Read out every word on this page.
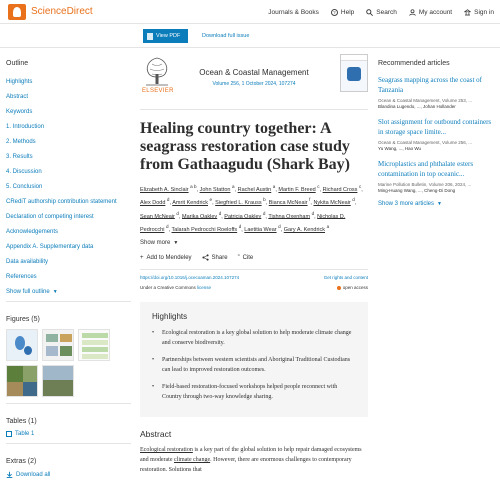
ScienceDirect	Journals & Books	? Help	Search	My account	Sign in
View PDF	Download full issue
Outline
Highlights
Abstract
Keywords
1. Introduction
2. Methods
3. Results
4. Discussion
5. Conclusion
CRediT authorship contribution statement
Declaration of competing interest
Acknowledgements
Appendix A. Supplementary data
Data availability
References
Show full outline ▼
Figures (5)
Tables (1)
Table 1
Extras (2)
Download all
ELSEVIER
Ocean & Coastal Management
Volume 256, 1 October 2024, 107274
Healing country together: A seagrass restoration case study from Gathaagudu (Shark Bay)
Elizabeth A. Sinclair $^{a b}$, John Statton $^a$, Rachel Austin $^a$, Martin F. Breed $^c$, Richard Cross $^c$, Alex Dodd $^d$, Amrit Kendrick $^e$, Siegfried L. Krauss $^b$, Bianca McNeair $^f$, Nykita McNeair $^d$, Sean McNeair $^d$, Marika Oakley $^d$, Patricia Oakley $^d$, Tishna Oxenham $^d$, Nicholas D. Pedrocchi $^d$, Talarah Pedrocchi Roeloffs $^d$, Laetitia Wear $^d$, Gary A. Kendrick $^a$
Show more ▼
+ Add to Mendeley	Share ” Cite
https://doi.org/10.1016/j.ocecoaman.2024.107274	Get rights and content
Under a Creative Commons license	open access
Highlights
•	Ecological restoration is a key global solution to help moderate climate change and conserve biodiversity.
•	Partnerships between western scientists and Aboriginal Traditional Custodians can lead to improved restoration outcomes.
•	Field-based restoration-focused workshops helped people reconnect with Country through two-way knowledge sharing.
Abstract
Ecological restoration is a key part of the global solution to help repair damaged ecosystems and moderate climate change. However, there are enormous challenges to contemporary restoration. Solutions that
Recommended articles
Seagrass mapping across the coast of Tanzania
Ocean & Coastal Management, Volume 253, ...
Blandina Lugendo, ..., Johan Hollander
Slot assignment for outbound containers in storage space limite...
Ocean & Coastal Management, Volume 256, ...
Yu Wang, ..., Hao Wu
Microplastics and phthalate esters contamination in top oceanic...
Marine Pollution Bulletin, Volume 206, 2024, ...
Ming-Huang Wang, ..., Cheng-Di Dong
Show 3 more articles ▼
